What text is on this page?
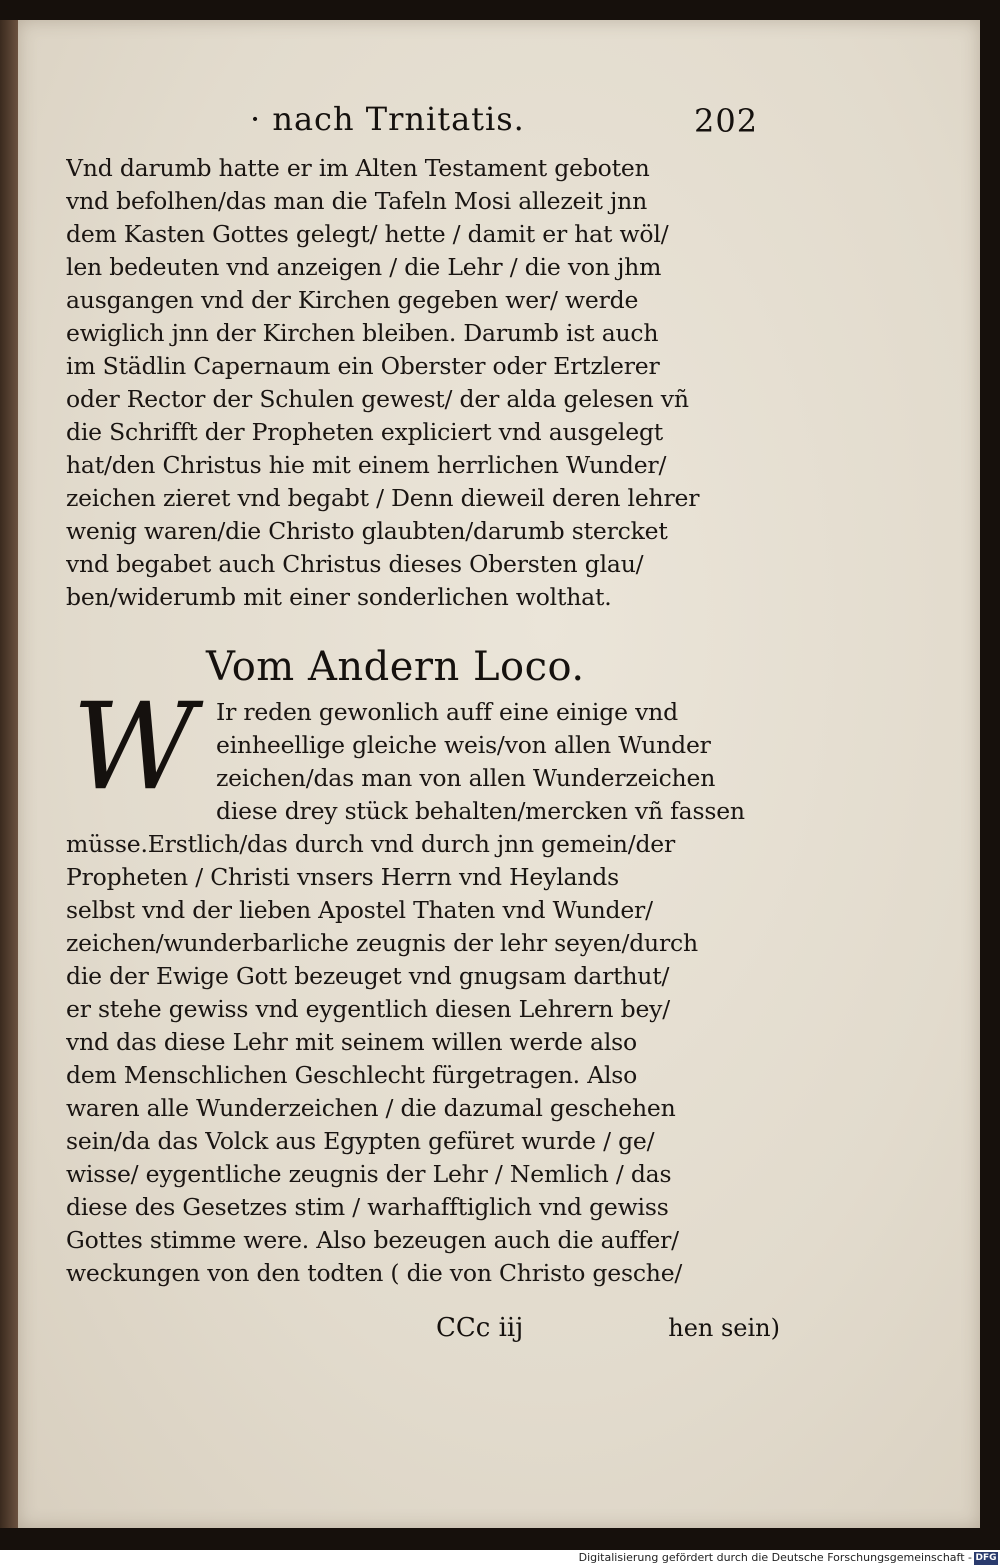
· nach Trnitatis.	202
Vnd darumb hatte er im Alten Testament geboten
vnd befolhen/das man die Tafeln Mosi allezeit jnn
dem Kasten Gottes gelegt/ hette / damit er hat wöl/
len bedeuten vnd anzeigen / die Lehr / die von jhm
ausgangen vnd der Kirchen gegeben wer/ werde
ewiglich jnn der Kirchen bleiben. Darumb ist auch
im Städlin Capernaum ein Oberster oder Ertzlerer
oder Rector der Schulen gewest/ der alda gelesen vñ
die Schrifft der Propheten expliciert vnd ausgelegt
hat/den Christus hie mit einem herrlichen Wunder/
zeichen zieret vnd begabt / Denn dieweil deren lehrer
wenig waren/die Christo glaubten/darumb stercket
vnd begabet auch Christus dieses Obersten glau/
ben/widerumb mit einer sonderlichen wolthat.
Vom Andern Loco.
W Ir reden gewonlich auff eine einige vnd
einheellige gleiche weis/von allen Wunder
zeichen/das man von allen Wunderzeichen
diese drey stück behalten/mercken vñ fassen
müsse.Erstlich/das durch vnd durch jnn gemein/der
Propheten / Christi vnsers Herrn vnd Heylands
selbst vnd der lieben Apostel Thaten vnd Wunder/
zeichen/wunderbarliche zeugnis der lehr seyen/durch
die der Ewige Gott bezeuget vnd gnugsam darthut/
er stehe gewiss vnd eygentlich diesen Lehrern bey/
vnd das diese Lehr mit seinem willen werde also
dem Menschlichen Geschlecht fürgetragen. Also
waren alle Wunderzeichen / die dazumal geschehen
sein/da das Volck aus Egypten gefüret wurde / ge/
wisse/ eygentliche zeugnis der Lehr / Nemlich / das
diese des Gesetzes stim / warhafftiglich vnd gewiss
Gottes stimme were. Also bezeugen auch die auffer/
weckungen von den todten ( die von Christo gesche/
CCc iij	hen sein)
Digitalisierung gefördert durch die Deutsche Forschungsgemeinschaft - DFG
